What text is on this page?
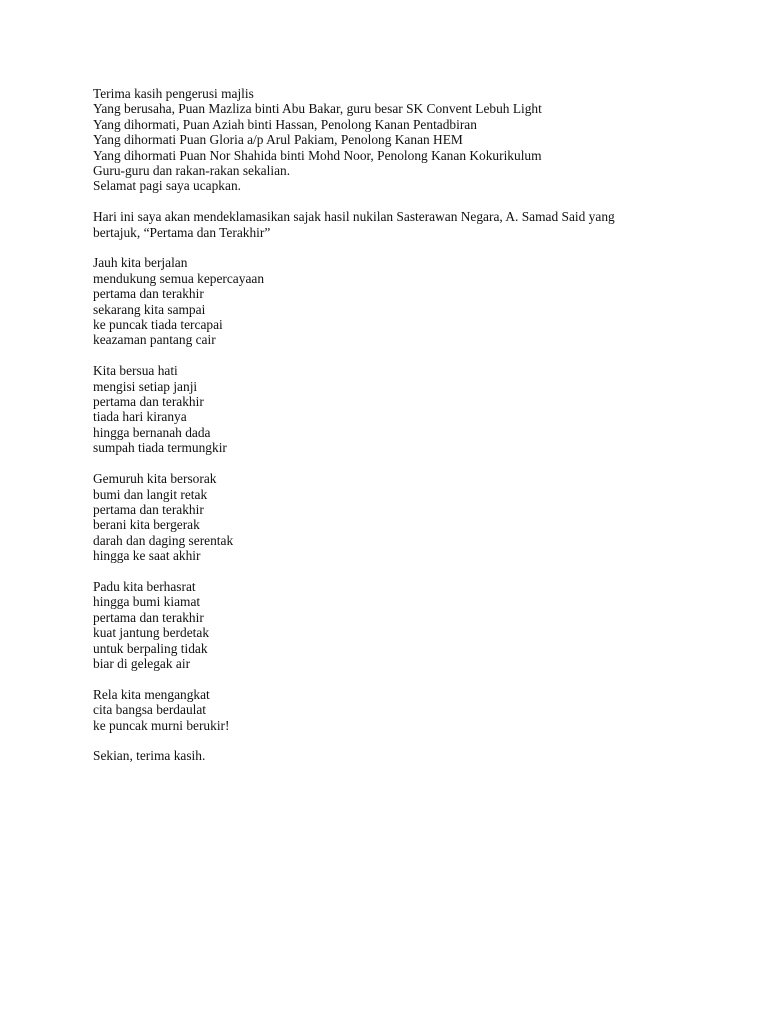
Terima kasih pengerusi majlis
Yang berusaha, Puan Mazliza binti Abu Bakar, guru besar SK Convent Lebuh Light
Yang dihormati, Puan Aziah binti Hassan, Penolong Kanan Pentadbiran
Yang dihormati Puan Gloria a/p Arul Pakiam, Penolong Kanan HEM
Yang dihormati Puan Nor Shahida binti Mohd Noor, Penolong Kanan Kokurikulum
Guru-guru dan rakan-rakan sekalian.
Selamat pagi saya ucapkan.
Hari ini saya akan mendeklamasikan sajak hasil nukilan Sasterawan Negara, A. Samad Said yang
bertajuk, “Pertama dan Terakhir”
Jauh kita berjalan
mendukung semua kepercayaan
pertama dan terakhir
sekarang kita sampai
ke puncak tiada tercapai
keazaman pantang cair
Kita bersua hati
mengisi setiap janji
pertama dan terakhir
tiada hari kiranya
hingga bernanah dada
sumpah tiada termungkir
Gemuruh kita bersorak
bumi dan langit retak
pertama dan terakhir
berani kita bergerak
darah dan daging serentak
hingga ke saat akhir
Padu kita berhasrat
hingga bumi kiamat
pertama dan terakhir
kuat jantung berdetak
untuk berpaling tidak
biar di gelegak air
Rela kita mengangkat
cita bangsa berdaulat
ke puncak murni berukir!
Sekian, terima kasih.
